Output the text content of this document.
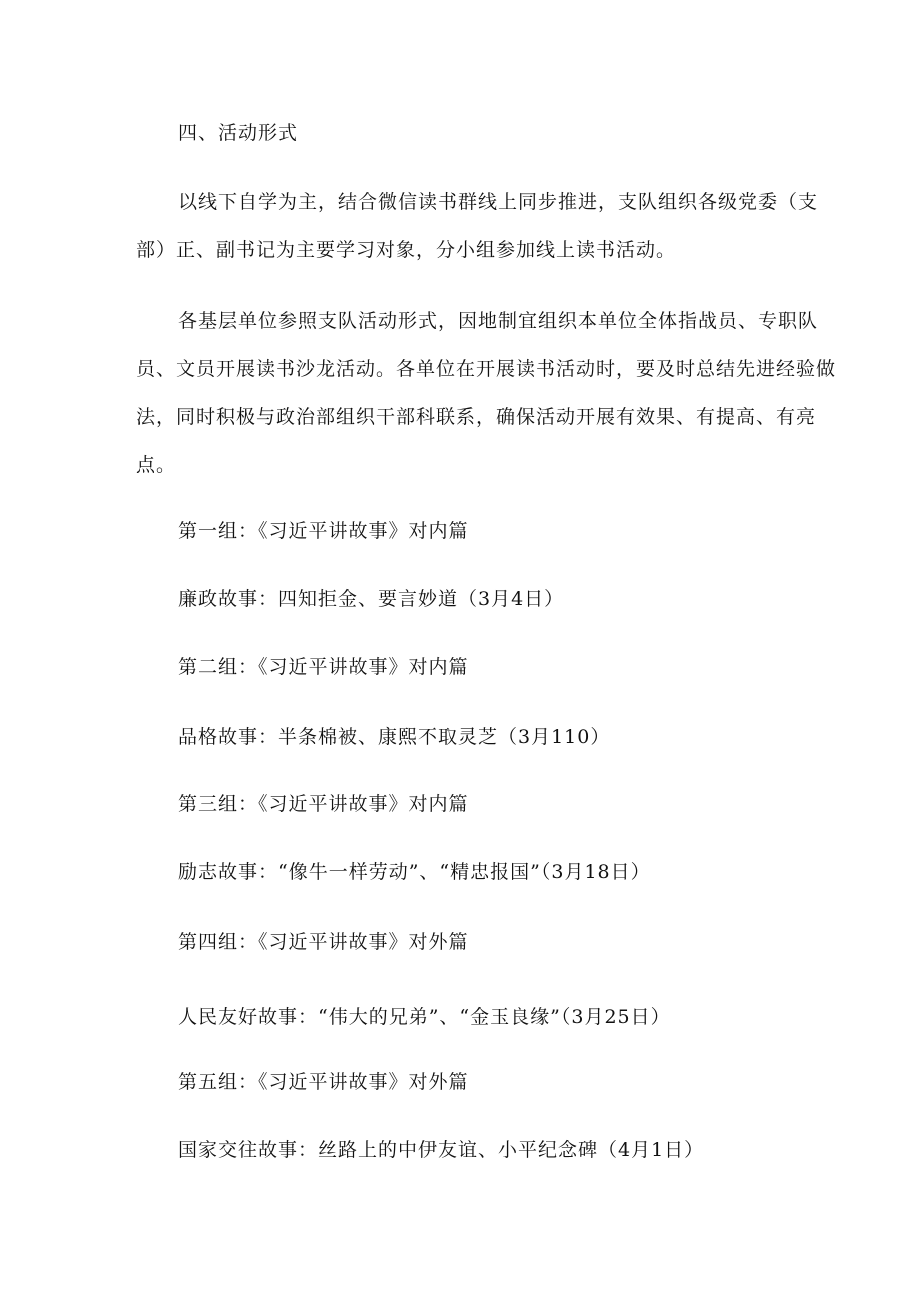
四、活动形式
以线下自学为主，结合微信读书群线上同步推进，支队组织各级党委（支
部）正、副书记为主要学习对象，分小组参加线上读书活动。
各基层单位参照支队活动形式，因地制宜组织本单位全体指战员、专职队
员、文员开展读书沙龙活动。各单位在开展读书活动时，要及时总结先进经验做
法，同时积极与政治部组织干部科联系，确保活动开展有效果、有提高、有亮
点。
第一组：《习近平讲故事》对内篇
廉政故事：四知拒金、要言妙道（3月4日）
第二组：《习近平讲故事》对内篇
品格故事：半条棉被、康熙不取灵芝（3月110）
第三组：《习近平讲故事》对内篇
励志故事：“像牛一样劳动”、“精忠报国”（3月18日）
第四组：《习近平讲故事》对外篇
人民友好故事：“伟大的兄弟”、“金玉良缘”（3月25日）
第五组：《习近平讲故事》对外篇
国家交往故事：丝路上的中伊友谊、小平纪念碑（4月1日）
